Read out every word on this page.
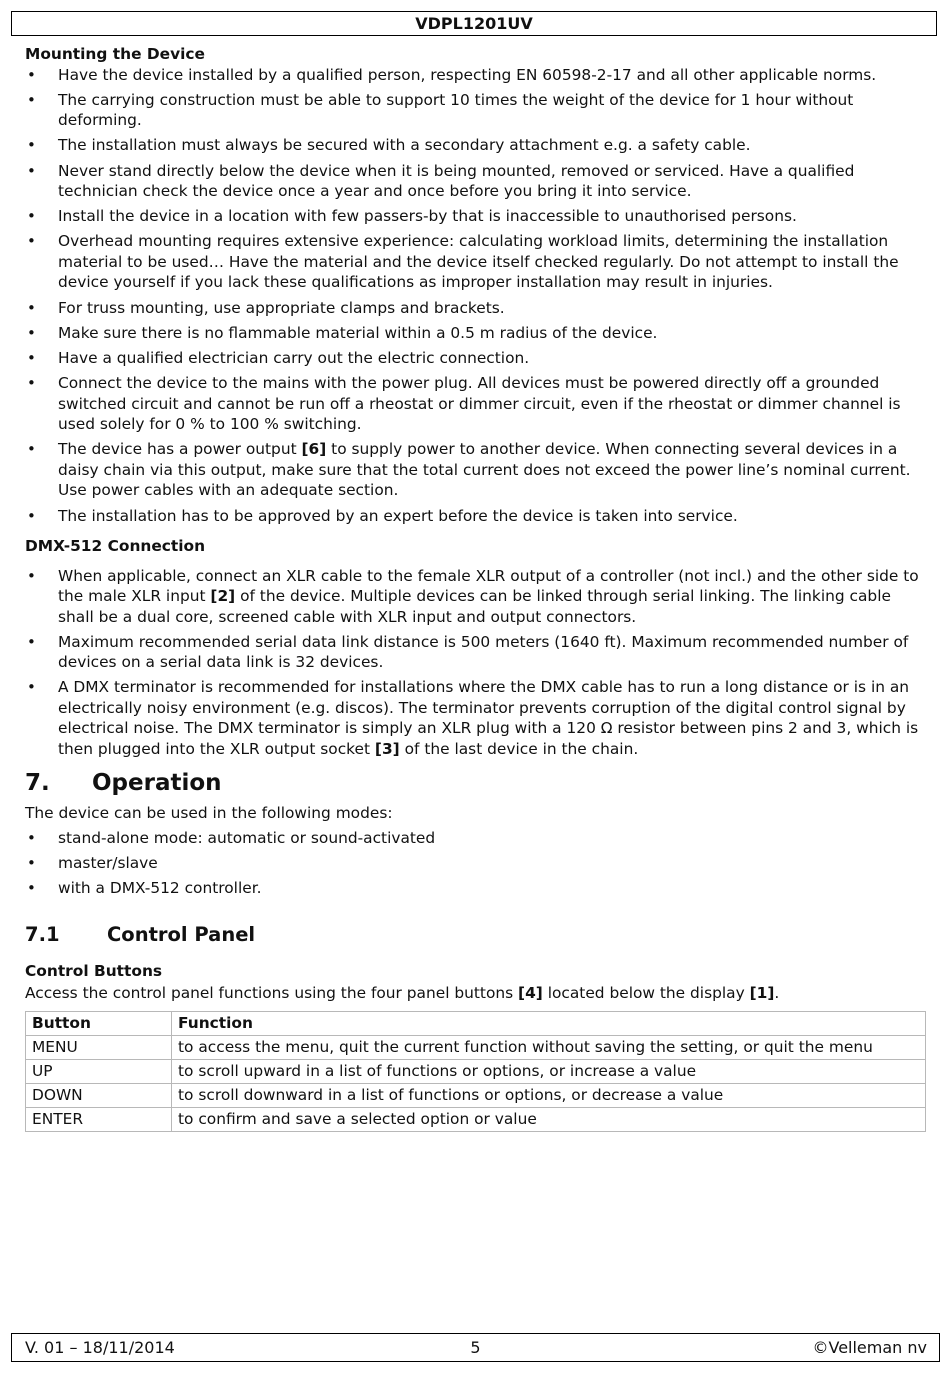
VDPL1201UV

Mounting the Device

• Have the device installed by a qualified person, respecting EN 60598-2-17 and all other applicable norms.
• The carrying construction must be able to support 10 times the weight of the device for 1 hour without deforming.
• The installation must always be secured with a secondary attachment e.g. a safety cable.
• Never stand directly below the device when it is being mounted, removed or serviced. Have a qualified technician check the device once a year and once before you bring it into service.
• Install the device in a location with few passers-by that is inaccessible to unauthorised persons.
• Overhead mounting requires extensive experience: calculating workload limits, determining the installation material to be used… Have the material and the device itself checked regularly. Do not attempt to install the device yourself if you lack these qualifications as improper installation may result in injuries.
• For truss mounting, use appropriate clamps and brackets.
• Make sure there is no flammable material within a 0.5 m radius of the device.
• Have a qualified electrician carry out the electric connection.
• Connect the device to the mains with the power plug. All devices must be powered directly off a grounded switched circuit and cannot be run off a rheostat or dimmer circuit, even if the rheostat or dimmer channel is used solely for 0 % to 100 % switching.
• The device has a power output [6] to supply power to another device. When connecting several devices in a daisy chain via this output, make sure that the total current does not exceed the power line’s nominal current. Use power cables with an adequate section.
• The installation has to be approved by an expert before the device is taken into service.

DMX-512 Connection

• When applicable, connect an XLR cable to the female XLR output of a controller (not incl.) and the other side to the male XLR input [2] of the device. Multiple devices can be linked through serial linking. The linking cable shall be a dual core, screened cable with XLR input and output connectors.
• Maximum recommended serial data link distance is 500 meters (1640 ft). Maximum recommended number of devices on a serial data link is 32 devices.
• A DMX terminator is recommended for installations where the DMX cable has to run a long distance or is in an electrically noisy environment (e.g. discos). The terminator prevents corruption of the digital control signal by electrical noise. The DMX terminator is simply an XLR plug with a 120 Ω resistor between pins 2 and 3, which is then plugged into the XLR output socket [3] of the last device in the chain.
7. Operation

The device can be used in the following modes:

• stand-alone mode: automatic or sound-activated
• master/slave
• with a DMX-512 controller.
7.1 Control Panel

Control Buttons

Access the control panel functions using the four panel buttons [4] located below the display [1].

Button	Function
MENU	to access the menu, quit the current function without saving the setting, or quit the menu
UP	to scroll upward in a list of functions or options, or increase a value
DOWN	to scroll downward in a list of functions or options, or decrease a value
ENTER	to confirm and save a selected option or value
V. 01 – 18/11/2014	5	©Velleman nv
